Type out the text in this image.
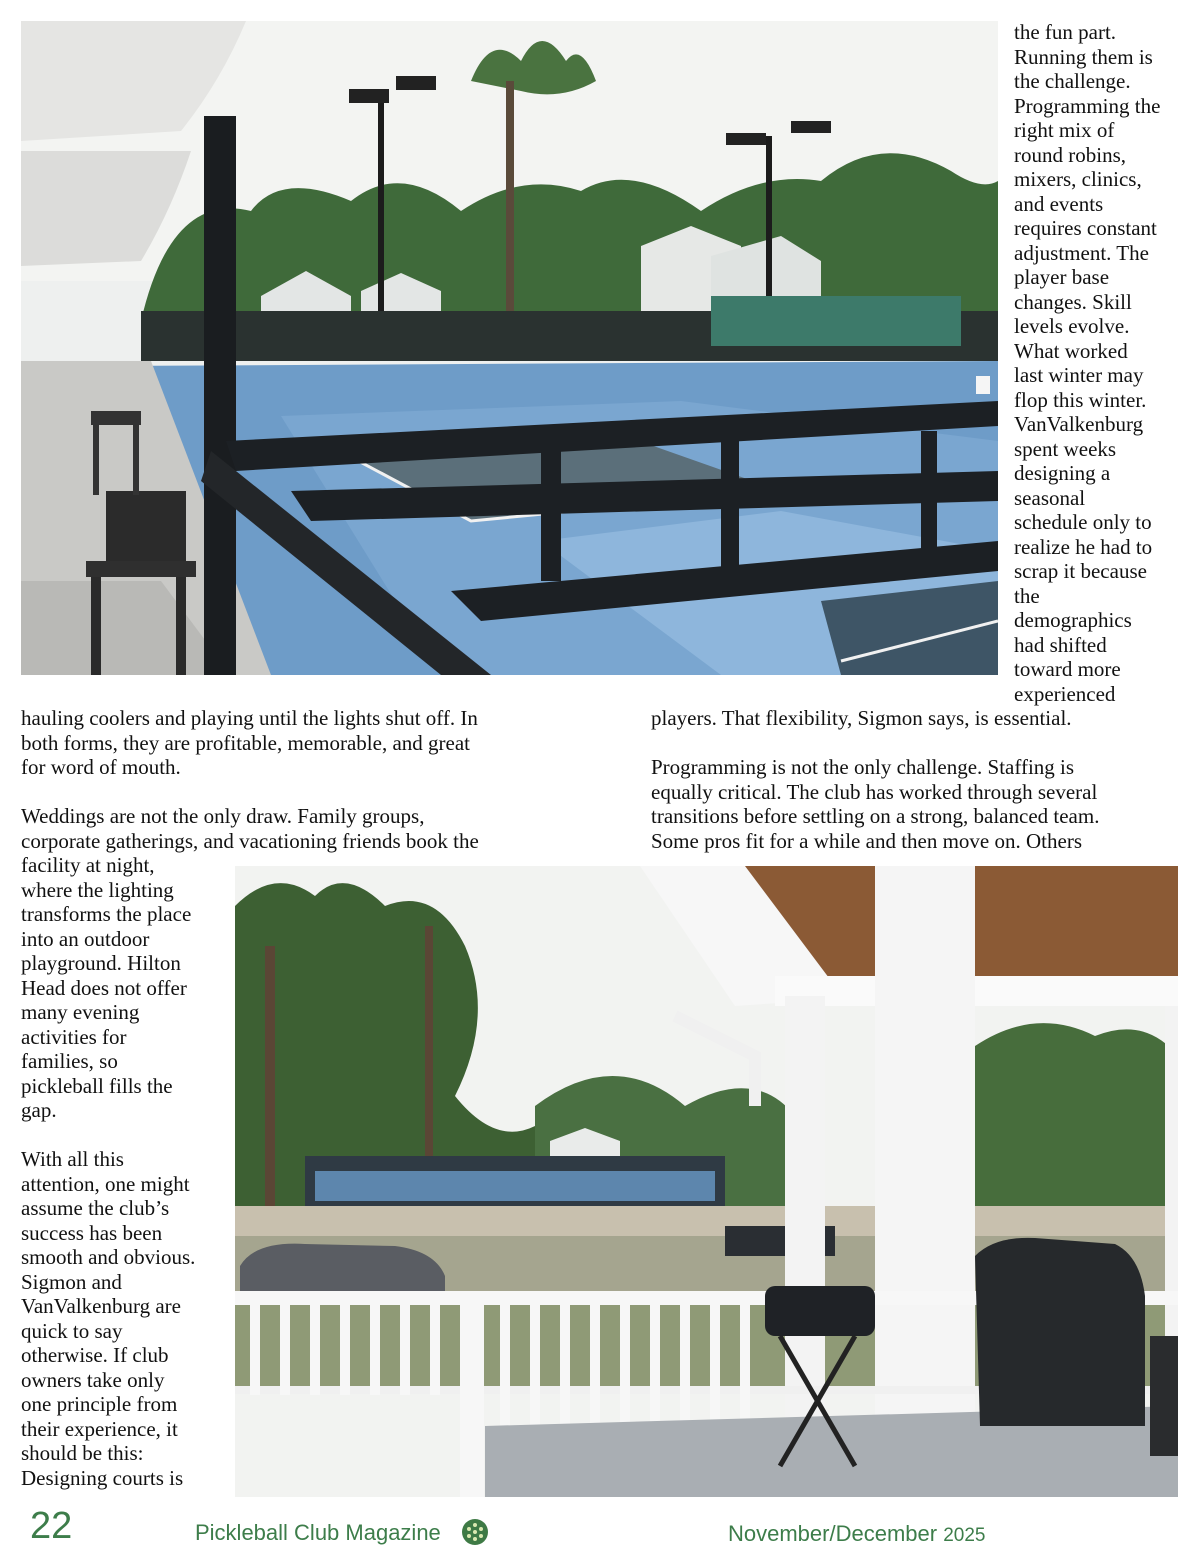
the fun part.

Running them is

the challenge.

Programming the

right mix of

round robins,

mixers, clinics,

and events

requires constant

adjustment. The

player base

changes. Skill

levels evolve.

What worked

last winter may

flop this winter.

VanValkenburg

spent weeks

designing a

seasonal

schedule only to

realize he had to

scrap it because

the

demographics

had shifted

toward more

experienced

hauling coolers and playing until the lights shut off. In

both forms, they are profitable, memorable, and great

for word of mouth.

Weddings are not the only draw. Family groups,

corporate gatherings, and vacationing friends book the

facility at night,

where the lighting

transforms the place

into an outdoor

playground. Hilton

Head does not offer

many evening

activities for

families, so

pickleball fills the

gap.

With all this

attention, one might

assume the club’s

success has been

smooth and obvious.

Sigmon and

VanValkenburg are

quick to say

otherwise. If club

owners take only

one principle from

their experience, it

should be this:

Designing courts is

players. That flexibility, Sigmon says, is essential.

Programming is not the only challenge. Staffing is

equally critical. The club has worked through several

transitions before settling on a strong, balanced team.

Some pros fit for a while and then move on. Others

22	Pickleball Club Magazine	November/December 2025
